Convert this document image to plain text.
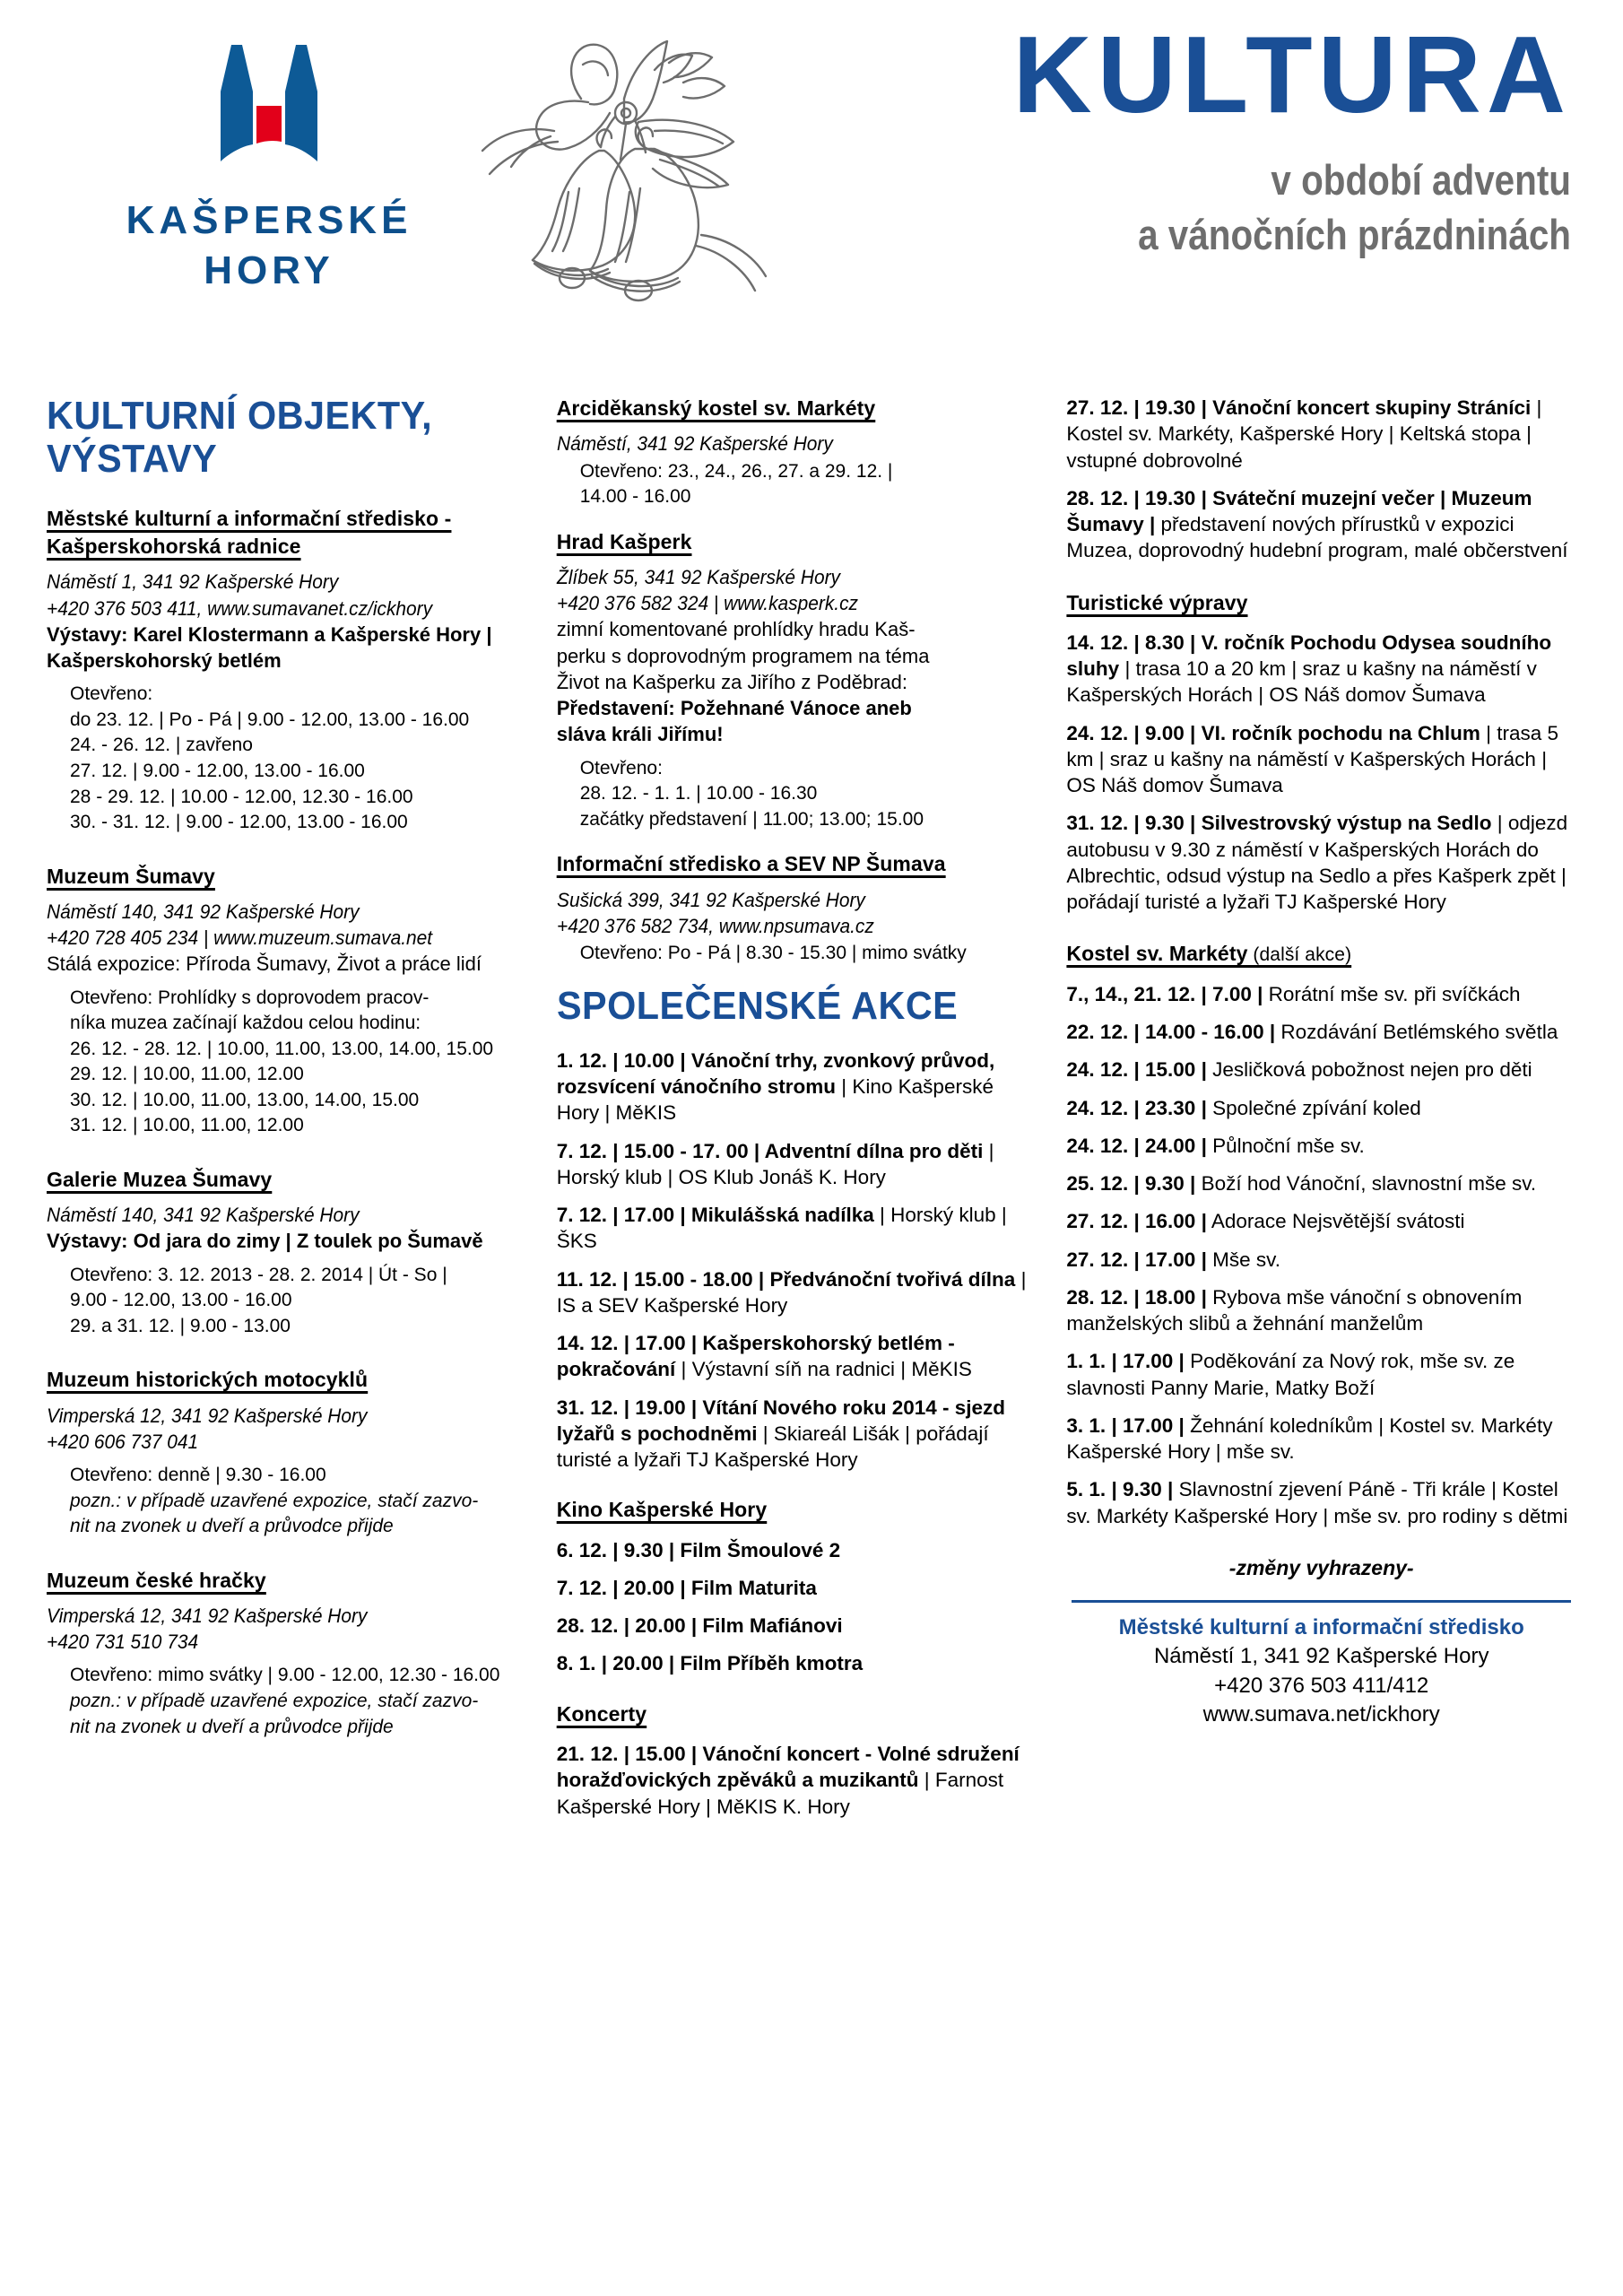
KAŠPERSKÉ
HORY
KULTURA
v období adventu
a vánočních prázdninách
KULTURNÍ OBJEKTY,
VÝSTAVY
Městské kulturní a informační středisko - Kašperskohorská radnice
Náměstí 1, 341 92 Kašperské Hory
+420 376 503 411, www.sumavanet.cz/ickhory
Výstavy: Karel Klostermann a Kašperské Hory | Kašperskohorský betlém
Otevřeno:
do 23. 12. | Po - Pá | 9.00 - 12.00, 13.00 - 16.00
24. - 26. 12. | zavřeno
27. 12. | 9.00 - 12.00, 13.00 - 16.00
28 - 29. 12. | 10.00 - 12.00, 12.30 - 16.00
30. - 31. 12. | 9.00 - 12.00, 13.00 - 16.00
Muzeum Šumavy
Náměstí 140, 341 92 Kašperské Hory
+420 728 405 234 | www.muzeum.sumava.net
Stálá expozice: Příroda Šumavy, Život a práce lidí
Otevřeno: Prohlídky s doprovodem pracov-
níka muzea začínají každou celou hodinu:
26. 12. - 28. 12. | 10.00, 11.00, 13.00, 14.00, 15.00
29. 12. | 10.00, 11.00, 12.00
30. 12. | 10.00, 11.00, 13.00, 14.00, 15.00
31. 12. | 10.00, 11.00, 12.00
Galerie Muzea Šumavy
Náměstí 140, 341 92 Kašperské Hory
Výstavy: Od jara do zimy | Z toulek po Šumavě
Otevřeno: 3. 12. 2013 - 28. 2. 2014 | Út - So |
9.00 - 12.00, 13.00 - 16.00
29. a 31. 12. | 9.00 - 13.00
Muzeum historických motocyklů
Vimperská 12, 341 92 Kašperské Hory
+420 606 737 041
Otevřeno: denně | 9.30 - 16.00
pozn.: v případě uzavřené expozice, stačí zazvo-
nit na zvonek u dveří a průvodce přijde
Muzeum české hračky
Vimperská 12, 341 92 Kašperské Hory
+420 731 510 734
Otevřeno: mimo svátky | 9.00 - 12.00, 12.30 - 16.00
pozn.: v případě uzavřené expozice, stačí zazvo-
nit na zvonek u dveří a průvodce přijde
Arciděkanský kostel sv. Markéty
Náměstí, 341 92 Kašperské Hory
Otevřeno: 23., 24., 26., 27. a 29. 12. |
14.00 - 16.00
Hrad Kašperk
Žlíbek 55, 341 92 Kašperské Hory
+420 376 582 324 | www.kasperk.cz
zimní komentované prohlídky hradu Kaš-
perku s doprovodným programem na téma
Život na Kašperku za Jiřího z Poděbrad:
Představení: Požehnané Vánoce aneb
sláva králi Jiřímu!
Otevřeno:
28. 12. - 1. 1. | 10.00 - 16.30
začátky představení | 11.00; 13.00; 15.00
Informační středisko a SEV NP Šumava
Sušická 399, 341 92 Kašperské Hory
+420 376 582 734, www.npsumava.cz
Otevřeno: Po - Pá | 8.30 - 15.30 | mimo svátky
SPOLEČENSKÉ AKCE
1. 12. | 10.00 | Vánoční trhy, zvonkový průvod, rozsvícení vánočního stromu | Kino Kašperské Hory | MěKIS
7. 12. | 15.00 - 17. 00 | Adventní dílna pro děti | Horský klub | OS Klub Jonáš K. Hory
7. 12. | 17.00 | Mikulášská nadílka | Horský klub | ŠKS
11. 12. | 15.00 - 18.00 | Předvánoční tvořivá dílna | IS a SEV Kašperské Hory
14. 12. | 17.00 | Kašperskohorský betlém - pokračování | Výstavní síň na radnici | MěKIS
31. 12. | 19.00 | Vítání Nového roku 2014 - sjezd lyžařů s pochodněmi | Skiareál Lišák | pořádají turisté a lyžaři TJ Kašperské Hory
Kino Kašperské Hory
6. 12. | 9.30 | Film Šmoulové 2
7. 12. | 20.00 | Film Maturita
28. 12. | 20.00 | Film Mafiánovi
8. 1. | 20.00 | Film Příběh kmotra
Koncerty
21. 12. | 15.00 | Vánoční koncert - Volné sdružení horažďovických zpěváků a muzikantů | Farnost Kašperské Hory | MěKIS K. Hory
27. 12. | 19.30 | Vánoční koncert skupiny Stráníci | Kostel sv. Markéty, Kašperské Hory | Keltská stopa | vstupné dobrovolné
28. 12. | 19.30 | Sváteční muzejní večer | Muzeum Šumavy | představení nových přírustků v expozici Muzea, doprovodný hudební program, malé občerstvení
Turistické výpravy
14. 12. | 8.30 | V. ročník Pochodu Odysea soudního sluhy | trasa 10 a 20 km | sraz u kašny na náměstí v Kašperských Horách | OS Náš domov Šumava
24. 12. | 9.00 | VI. ročník pochodu na Chlum | trasa 5 km | sraz u kašny na náměstí v Kašperských Horách | OS Náš domov Šumava
31. 12. | 9.30 | Silvestrovský výstup na Sedlo | odjezd autobusu v 9.30 z náměstí v Kašperských Horách do Albrechtic, odsud výstup na Sedlo a přes Kašperk zpět | pořádají turisté a lyžaři TJ Kašperské Hory
Kostel sv. Markéty (další akce)
7., 14., 21. 12. | 7.00 | Rorátní mše sv. při svíčkách
22. 12. | 14.00 - 16.00 | Rozdávání Betlémského světla
24. 12. | 15.00 | Jesličková pobožnost nejen pro děti
24. 12. | 23.30 | Společné zpívání koled
24. 12. | 24.00 | Půlnoční mše sv.
25. 12. | 9.30 | Boží hod Vánoční, slavnostní mše sv.
27. 12. | 16.00 | Adorace Nejsvětější svátosti
27. 12. | 17.00 | Mše sv.
28. 12. | 18.00 | Rybova mše vánoční s obnovením manželských slibů a žehnání manželům
1. 1. | 17.00 | Poděkování za Nový rok, mše sv. ze slavnosti Panny Marie, Matky Boží
3. 1. | 17.00 | Žehnání koledníkům | Kostel sv. Markéty Kašperské Hory | mše sv.
5. 1. | 9.30 | Slavnostní zjevení Páně - Tři krále | Kostel sv. Markéty Kašperské Hory | mše sv. pro rodiny s dětmi
-změny vyhrazeny-
Městské kulturní a informační středisko
Náměstí 1, 341 92 Kašperské Hory
+420 376 503 411/412
www.sumava.net/ickhory
